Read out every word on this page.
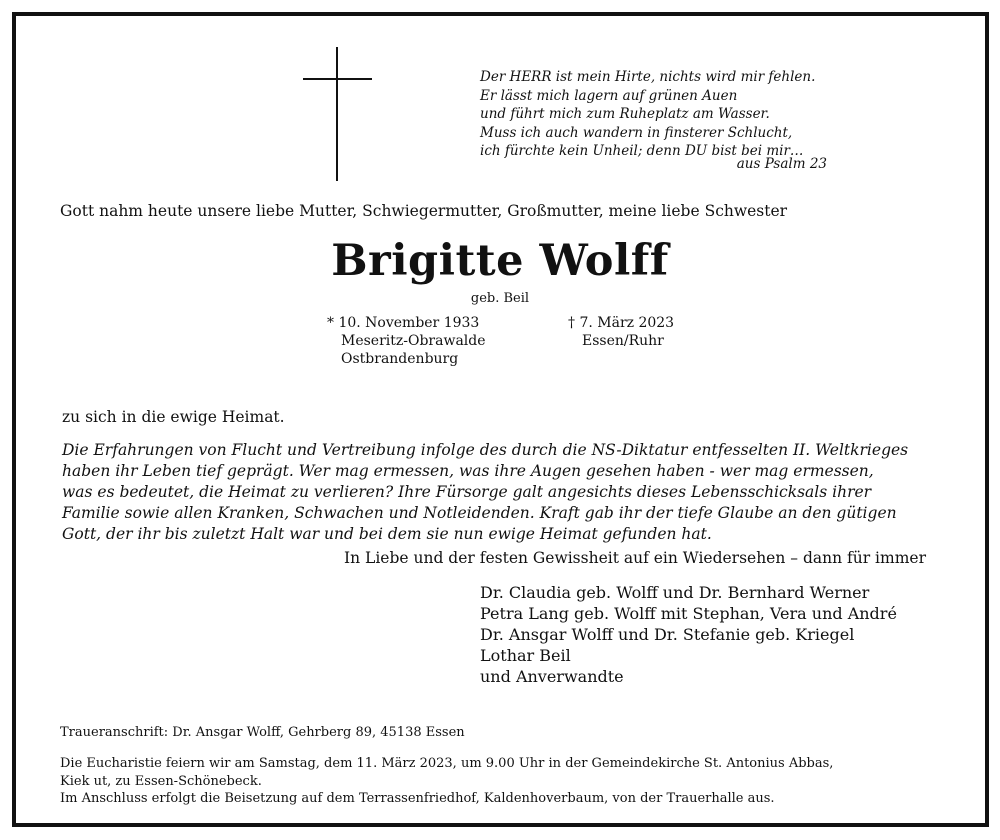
Der HERR ist mein Hirte, nichts wird mir fehlen.
Er lässt mich lagern auf grünen Auen
und führt mich zum Ruheplatz am Wasser.
Muss ich auch wandern in finsterer Schlucht,
ich fürchte kein Unheil; denn DU bist bei mir…
aus Psalm 23
Gott nahm heute unsere liebe Mutter, Schwiegermutter, Großmutter, meine liebe Schwester
Brigitte Wolff
geb. Beil
* 10. November 1933
Meseritz-Obrawalde
Ostbrandenburg
† 7. März 2023
Essen/Ruhr
zu sich in die ewige Heimat.
Die Erfahrungen von Flucht und Vertreibung infolge des durch die NS-Diktatur entfesselten II. Weltkrieges
haben ihr Leben tief geprägt. Wer mag ermessen, was ihre Augen gesehen haben - wer mag ermessen,
was es bedeutet, die Heimat zu verlieren? Ihre Fürsorge galt angesichts dieses Lebensschicksals ihrer
Familie sowie allen Kranken, Schwachen und Notleidenden. Kraft gab ihr der tiefe Glaube an den gütigen
Gott, der ihr bis zuletzt Halt war und bei dem sie nun ewige Heimat gefunden hat.
In Liebe und der festen Gewissheit auf ein Wiedersehen – dann für immer
Dr. Claudia geb. Wolff und Dr. Bernhard Werner
Petra Lang geb. Wolff mit Stephan, Vera und André
Dr. Ansgar Wolff und Dr. Stefanie geb. Kriegel
Lothar Beil
und Anverwandte
Traueranschrift: Dr. Ansgar Wolff, Gehrberg 89, 45138 Essen
Die Eucharistie feiern wir am Samstag, dem 11. März 2023, um 9.00 Uhr in der Gemeindekirche St. Antonius Abbas,
Kiek ut, zu Essen-Schönebeck.
Im Anschluss erfolgt die Beisetzung auf dem Terrassenfriedhof, Kaldenhoverbaum, von der Trauerhalle aus.
